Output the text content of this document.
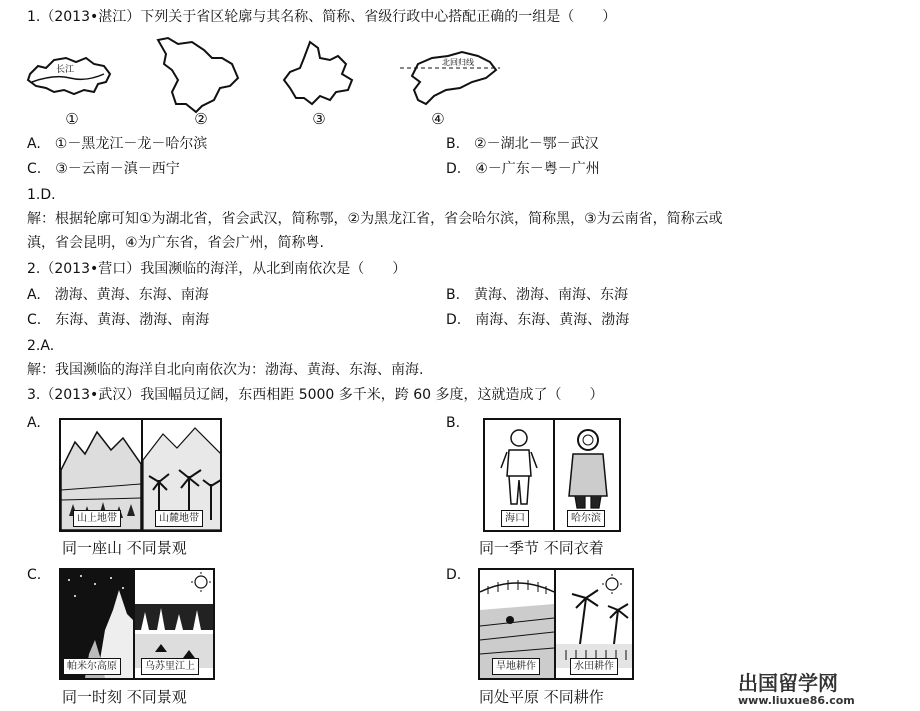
1.（2013•湛江）下列关于省区轮廓与其名称、简称、省级行政中心搭配正确的一组是（　　）
长江
①	②	③
北回归线
④
A.　①－黑龙江－龙－哈尔滨	B.　②－湖北－鄂－武汉
C.　③－云南－滇－西宁	D.　④－广东－粤－广州
1.D.
解：根据轮廓可知①为湖北省，省会武汉，简称鄂，②为黑龙江省，省会哈尔滨，简称黑，③为云南省，简称云或
滇，省会昆明，④为广东省，省会广州，简称粤.
2.（2013•营口）我国濒临的海洋，从北到南依次是（　　）
A.　渤海、黄海、东海、南海	B.　黄海、渤海、南海、东海
C.　东海、黄海、渤海、南海	D.　南海、东海、黄海、渤海
2.A.
解：我国濒临的海洋自北向南依次为：渤海、黄海、东海、南海.
3.（2013•武汉）我国幅员辽阔，东西相距 5000 多千米，跨 60 多度，这就造成了（　　）
A.
山上地带	山麓地带
同一座山 不同景观
B.
海口	哈尔滨
同一季节 不同衣着
C.
帕米尔高原	乌苏里江上
同一时刻 不同景观
D.
旱地耕作	水田耕作
同处平原 不同耕作
出国留学网
www.liuxue86.com
